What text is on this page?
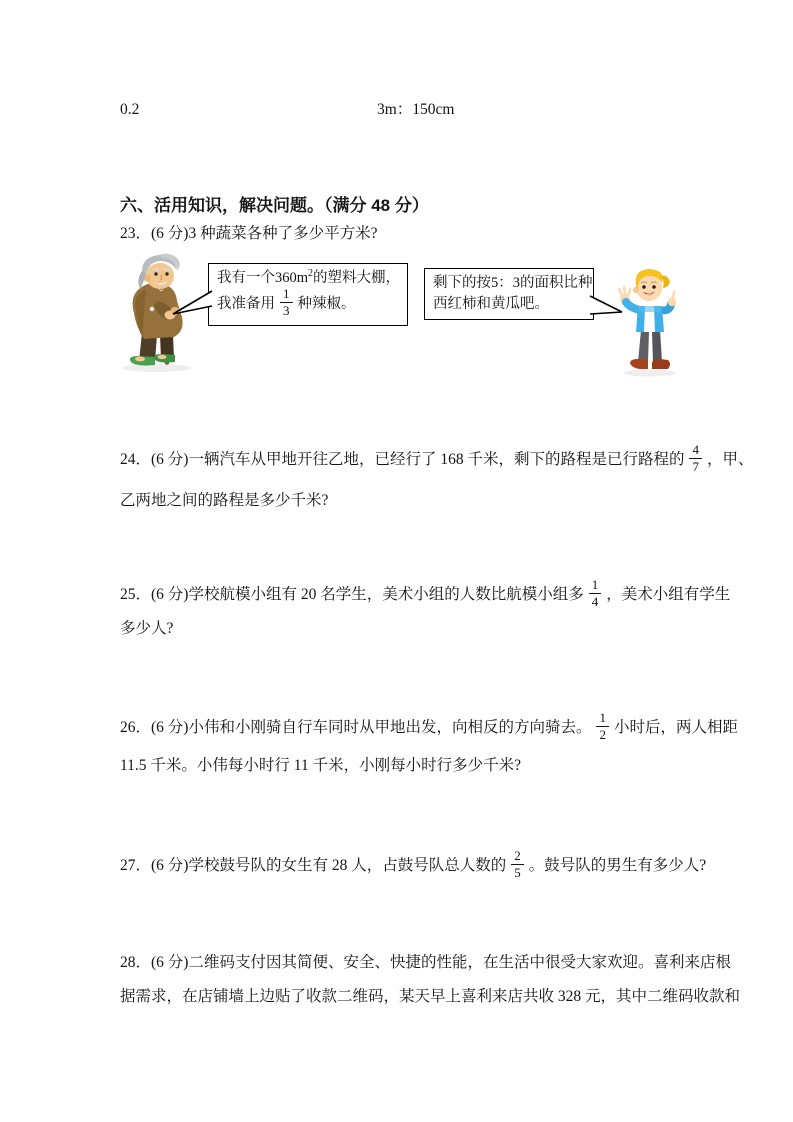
0.2	3m：150cm
六、活用知识，解决问题。（满分 48 分）
23．(6 分)3 种蔬菜各种了多少平方米?
我有一个$360m^2$的塑料大棚，
我准备用 $\frac{1}{3}$ 种辣椒。
剩下的按5：3的面积比种
西红柿和黄瓜吧。
24．(6 分)一辆汽车从甲地开往乙地，已经行了 168 千米，剩下的路程是已行路程的 $\frac{4}{7}$ ，甲、
乙两地之间的路程是多少千米?
25．(6 分)学校航模小组有 20 名学生，美术小组的人数比航模小组多 $\frac{1}{4}$ ，美术小组有学生
多少人?
26．(6 分)小伟和小刚骑自行车同时从甲地出发，向相反的方向骑去。 $\frac{1}{2}$ 小时后，两人相距
11.5 千米。小伟每小时行 11 千米，小刚每小时行多少千米?
27．(6 分)学校鼓号队的女生有 28 人，占鼓号队总人数的 $\frac{2}{5}$ 。鼓号队的男生有多少人?
28．(6 分)二维码支付因其简便、安全、快捷的性能，在生活中很受大家欢迎。喜利来店根
据需求，在店铺墙上边贴了收款二维码，某天早上喜利来店共收 328 元，其中二维码收款和
